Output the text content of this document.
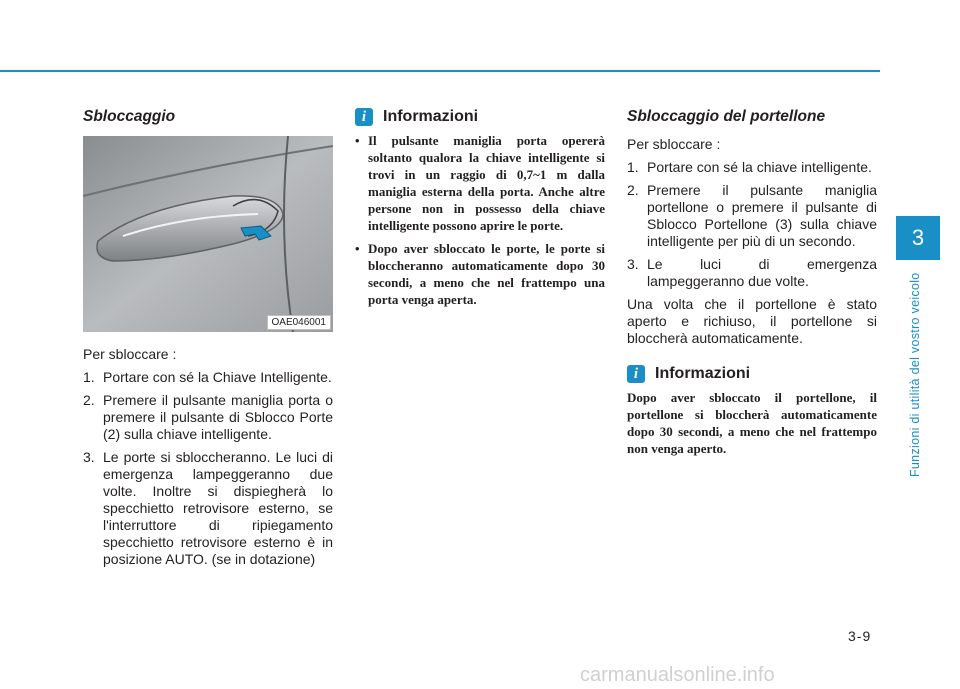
Sbloccaggio
OAE046001

Per sbloccare :

1. Portare con sé la Chiave Intelligente.
2. Premere il pulsante maniglia porta o premere il pulsante di Sblocco Porte (2) sulla chiave intelligente.
3. Le porte si sbloccheranno. Le luci di emergenza lampeggeranno due volte. Inoltre si dispiegherà lo specchietto retrovisore esterno, se l'interruttore di ripiegamento specchietto retrovisore esterno è in posizione AUTO. (se in dotazione)
i	Informazioni
• Il pulsante maniglia porta opererà soltanto qualora la chiave intelligente si trovi in un raggio di 0,7~1 m dalla maniglia esterna della porta. Anche altre persone non in possesso della chiave intelligente possono aprire le porte.
• Dopo aver sbloccato le porte, le porte si bloccheranno automaticamente dopo 30 secondi, a meno che nel frattempo una porta venga aperta.
Sbloccaggio del portellone

Per sbloccare :

1. Portare con sé la chiave intelligente.
2. Premere il pulsante maniglia portellone o premere il pulsante di Sblocco Portellone (3) sulla chiave intelligente per più di un secondo.
3. Le luci di emergenza lampeggeranno due volte.

Una volta che il portellone è stato aperto e richiuso, il portellone si bloccherà automaticamente.

i	Informazioni

Dopo aver sbloccato il portellone, il portellone si bloccherà automaticamente dopo 30 secondi, a meno che nel frattempo non venga aperto.

3
Funzioni di utilità del vostro veicolo
3-9
carmanualsonline.info
